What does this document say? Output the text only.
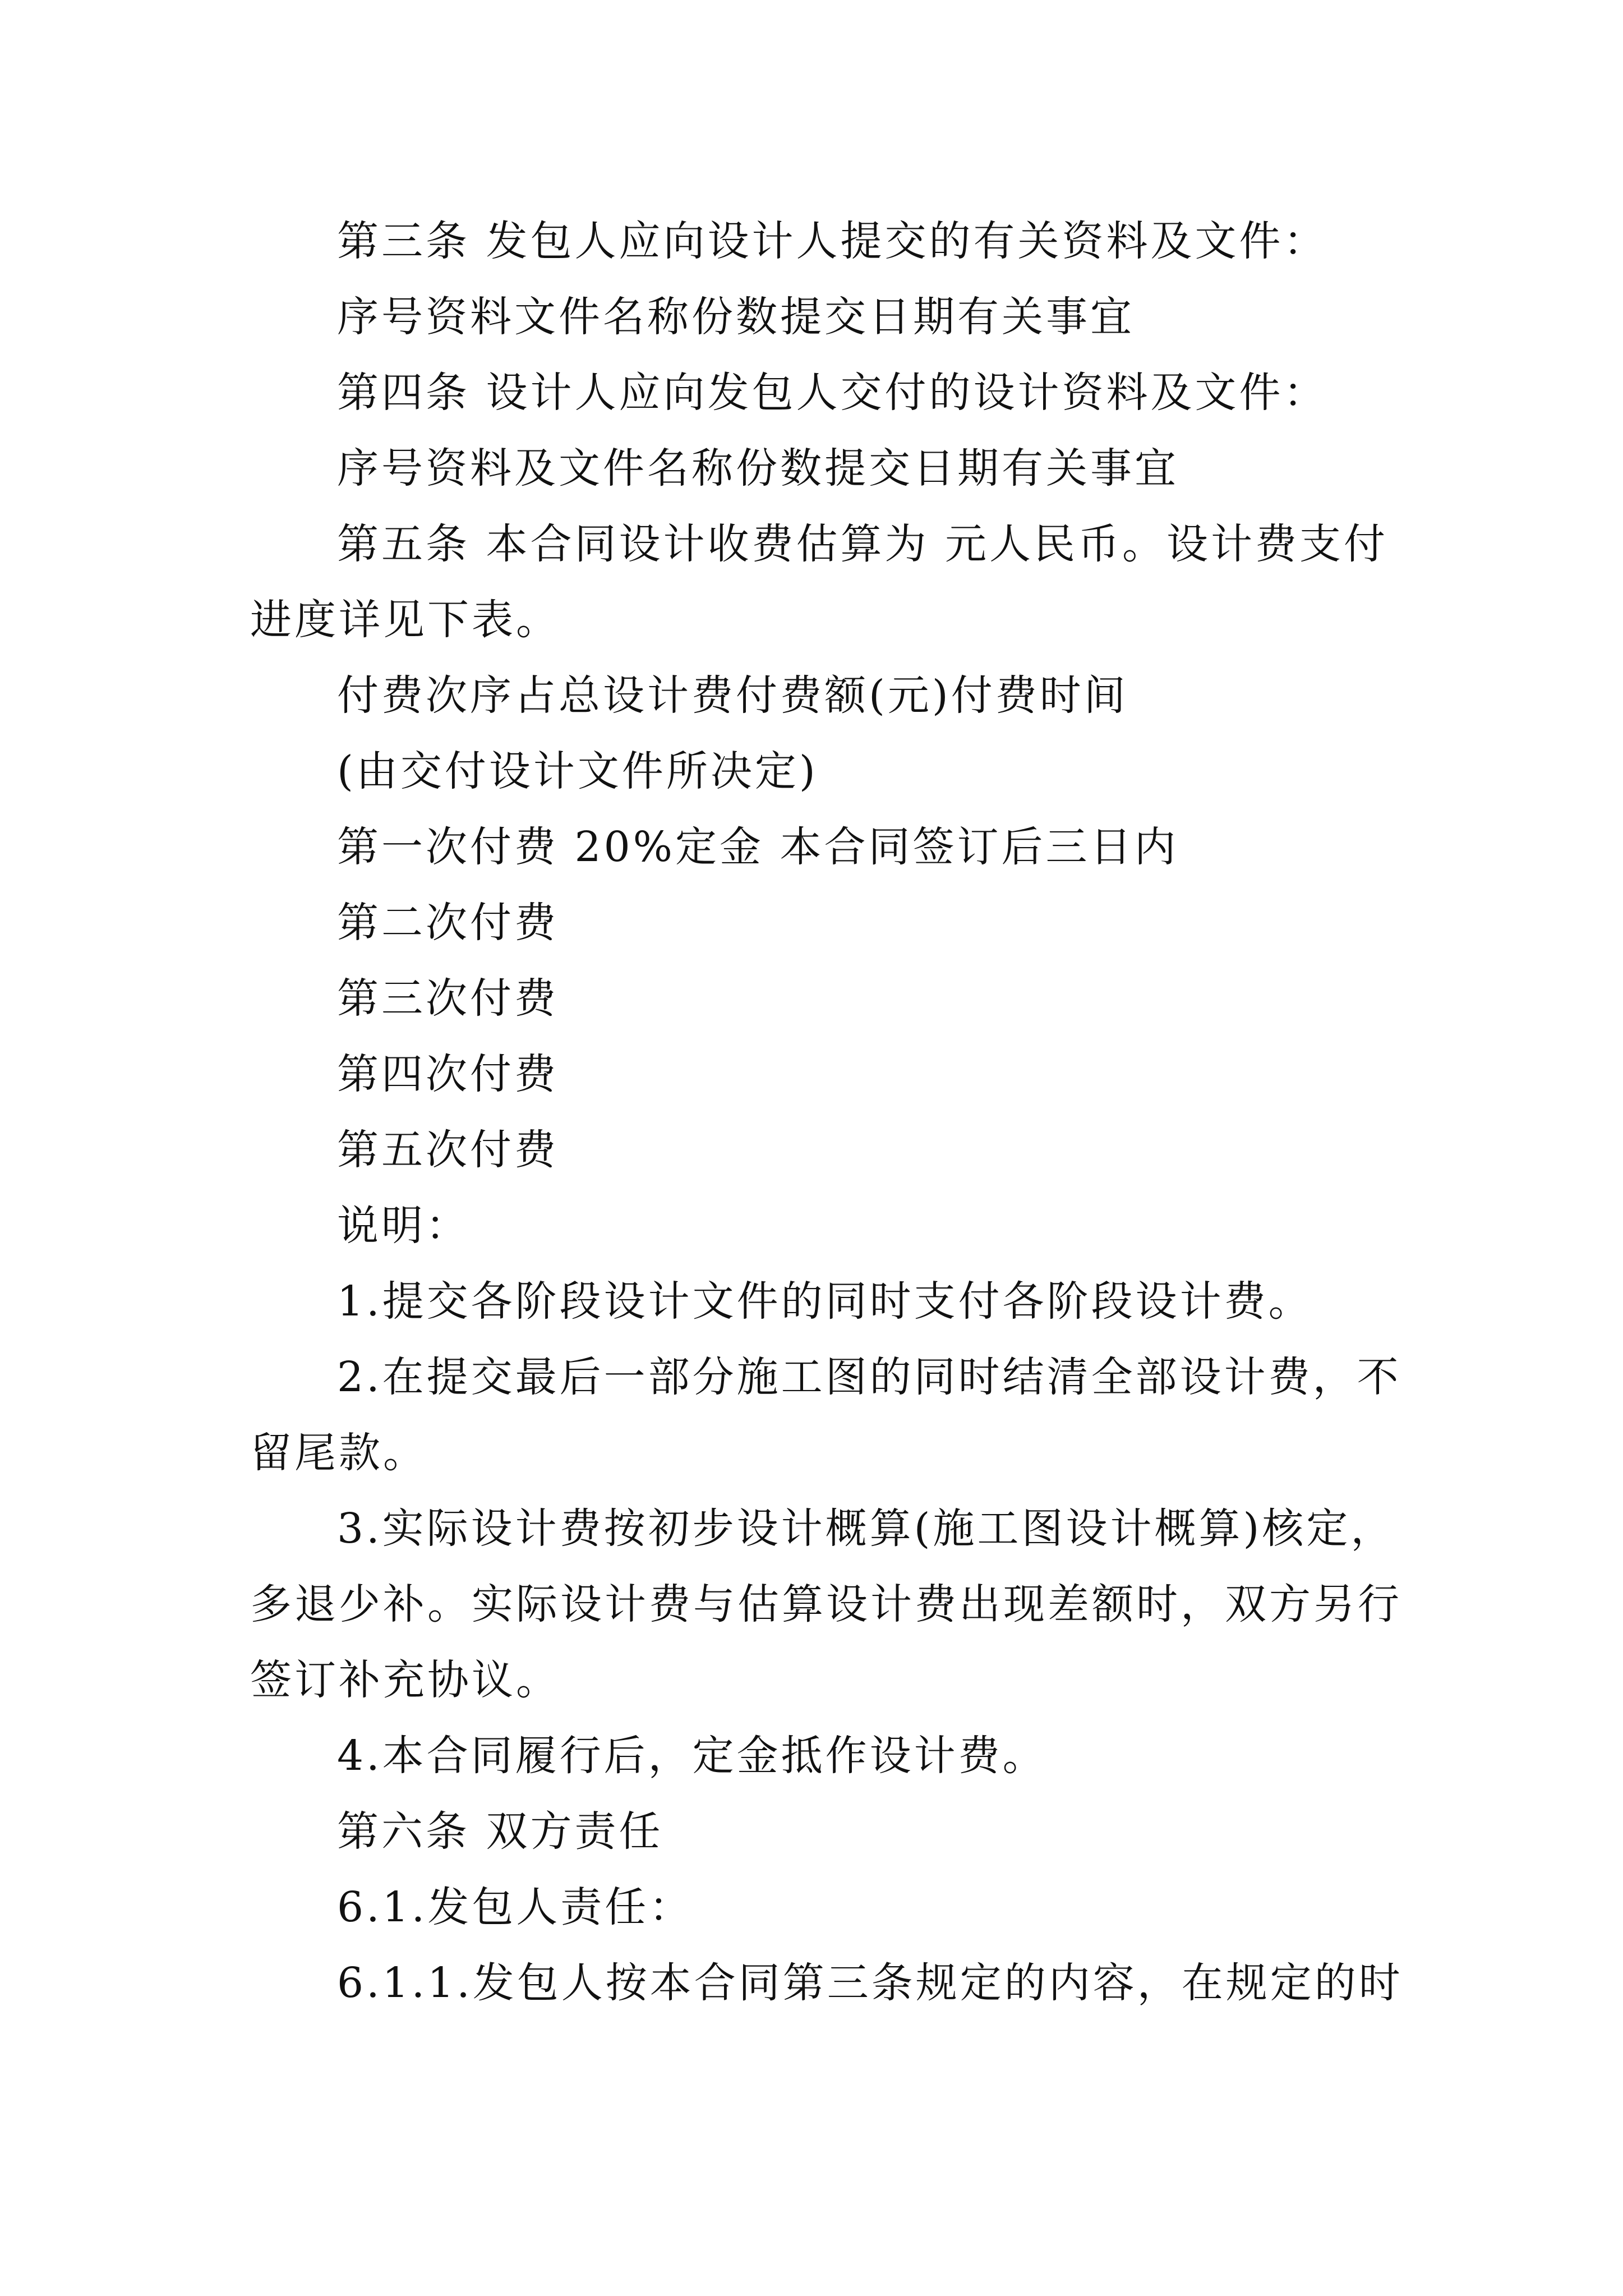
第三条 发包人应向设计人提交的有关资料及文件：
序号资料文件名称份数提交日期有关事宜
第四条 设计人应向发包人交付的设计资料及文件：
序号资料及文件名称份数提交日期有关事宜
第五条 本合同设计收费估算为 元人民币。设计费支付
进度详见下表。
付费次序占总设计费付费额(元)付费时间
(由交付设计文件所决定)
第一次付费 20%定金 本合同签订后三日内
第二次付费
第三次付费
第四次付费
第五次付费
说明：
1.提交各阶段设计文件的同时支付各阶段设计费。
2.在提交最后一部分施工图的同时结清全部设计费，不
留尾款。
3.实际设计费按初步设计概算(施工图设计概算)核定，
多退少补。实际设计费与估算设计费出现差额时，双方另行
签订补充协议。
4.本合同履行后，定金抵作设计费。
第六条 双方责任
6.1.发包人责任：
6.1.1.发包人按本合同第三条规定的内容，在规定的时
